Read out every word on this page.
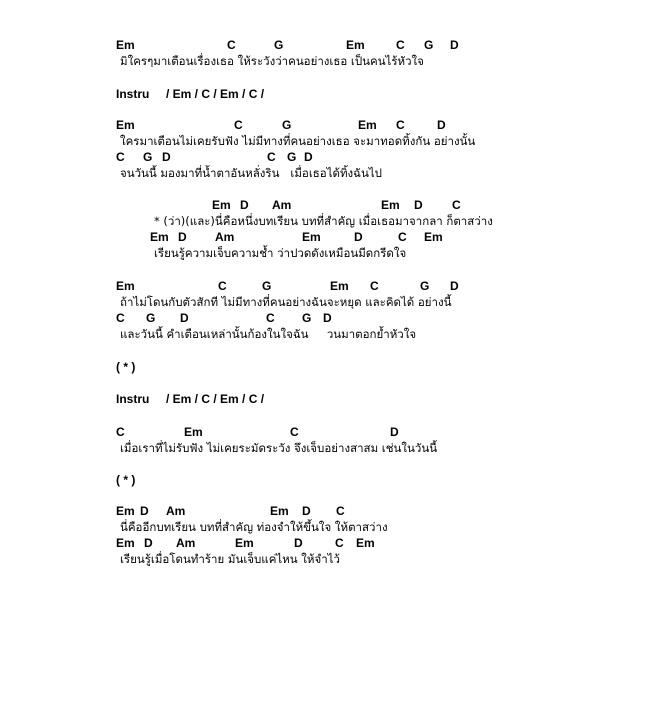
Em

	C

	G

	Em

	C

G

D

มิใครๆมาเตือนเรื่องเธอ ให้ระวังว่าคนอย่างเธอ เป็นคนไร้หัวใจ

Instru

/ Em / C / Em / C /

Em

	C

	G

	Em

C

	D

ใครมาเตือนไม่เคยรับฟัง ไม่มีทางที่คนอย่างเธอ จะมาทอดทิ้งกัน อย่างนั้น

C

G

D

	C

G

D

จนวันนี้ มองมาที่น้ำตาอันหลั่งริน   เมื่อเธอได้ทิ้งฉันไป

Em

D

Am

	Em

D

C

* (ว่า)(และ)นี่คือหนึ่งบทเรียน บทที่สำคัญ เมื่อเธอมาจากลา ก็ตาสว่าง

Em

D

Am

	Em

	D

	C

Em

เรียนรู้ความเจ็บความช้ำ ว่าปวดดังเหมือนมีดกรีดใจ

Em

	C

	G

	Em

C

	G

D

ถ้าไม่โดนกับตัวสักที ไม่มีทางที่คนอย่างฉันจะหยุด และคิดได้ อย่างนี้

C

G

D

	C

G

D

และวันนี้ คำเตือนเหล่านั้นก้องในใจฉัน     วนมาตอกย้ำหัวใจ

( * )

Instru

/ Em / C / Em / C /

C

	Em

	C

	D

เมื่อเราที่ไม่รับฟัง ไม่เคยระมัดระวัง จึงเจ็บอย่างสาสม เช่นในวันนี้

( * )

Em

D

Am

	Em

D

C

นี่คืออีกบทเรียน บทที่สำคัญ ท่องจำให้ขึ้นใจ ให้ตาสว่าง

Em

D

Am

	Em

	D

	C

Em

เรียนรู้เมื่อโดนทำร้าย มันเจ็บแค่ไหน ให้จำไว้
